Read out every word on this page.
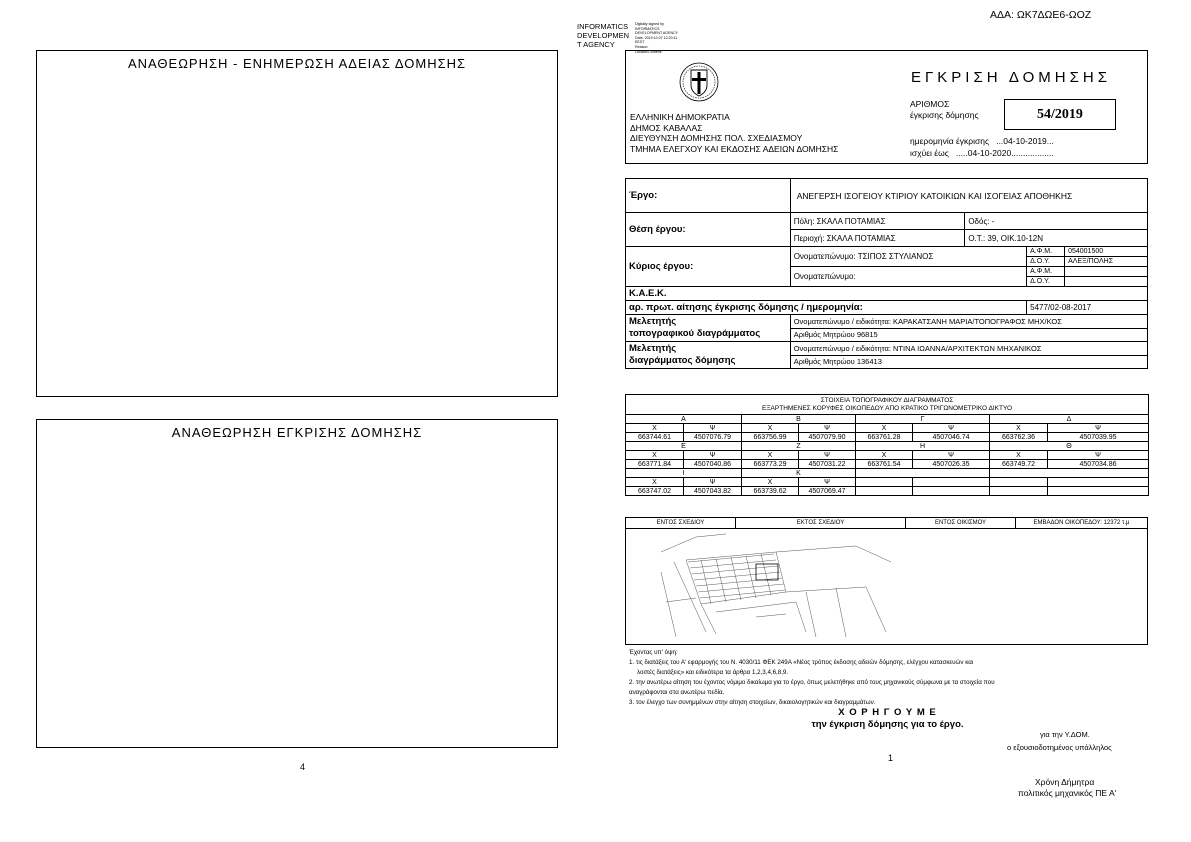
ΑΔΑ: ΩΚ7ΔΩΕ6-ΩΟΖ
INFORMATICS
DEVELOPMEN
T AGENCY
Digitally signed by
INFORMATICS
DEVELOPMENT AGENCY
Date: 2019.10.07 12:20:11
EEST
Reason:
Location: Athens
ΑΝΑΘΕΩΡΗΣΗ - ΕΝΗΜΕΡΩΣΗ ΑΔΕΙΑΣ ΔΟΜΗΣΗΣ
ΑΝΑΘΕΩΡΗΣΗ ΕΓΚΡΙΣΗΣ ΔΟΜΗΣΗΣ
4
ΕΛΛΗΝΙΚΗ ΔΗΜΟΚΡΑΤΙΑ
ΔΗΜΟΣ ΚΑΒΑΛΑΣ
ΔΙΕΥΘΥΝΣΗ ΔΟΜΗΣΗΣ ΠΟΛ. ΣΧΕΔΙΑΣΜΟΥ
ΤΜΗΜΑ ΕΛΕΓΧΟΥ ΚΑΙ ΕΚΔΟΣΗΣ ΑΔΕΙΩΝ ΔΟΜΗΣΗΣ
ΕΓΚΡΙΣΗ ΔΟΜΗΣΗΣ
ΑΡΙΘΜΟΣ
έγκρισης δόμησης	54/2019
ημερομηνία έγκρισης ...04-10-2019...
ισχύει έως .....04-10-2020..................
Έργο:	ΑΝΕΓΕΡΣΗ ΙΣΟΓΕΙΟΥ ΚΤΙΡΙΟΥ ΚΑΤΟΙΚΙΩΝ ΚΑΙ ΙΣΟΓΕΙΑΣ ΑΠΟΘΗΚΗΣ			
Θέση έργου:	Πόλη: ΣΚΑΛΑ ΠΟΤΑΜΙΑΣ	Οδός: -		
	Περιοχή: ΣΚΑΛΑ ΠΟΤΑΜΙΑΣ	Ο.Τ.: 39, ΟΙΚ.10-12Ν		
Κύριος έργου:	Ονοματεπώνυμο: ΤΣΙΠΟΣ ΣΤΥΛΙΑΝΟΣ		Α.Φ.Μ.	054001500
			Δ.Ο.Υ.	ΑΛΕΞ/ΠΟΛΗΣ
	Ονοματεπώνυμο:		Α.Φ.Μ.	
			Δ.Ο.Υ.	
Κ.Α.Ε.Κ.				
αρ. πρωτ. αίτησης έγκρισης δόμησης / ημερομηνία:			5477/02-08-2017	

Μελετητής
τοπογραφικού διαγράμματος	Ονοματεπώνυμο / ειδικότητα: ΚΑΡΑΚΑΤΣΑΝΗ ΜΑΡΙΑ/ΤΟΠΟΓΡΑΦΟΣ ΜΗΧ/ΚΟΣ			
	Αριθμός Μητρώου 96815			

Μελετητής
διαγράμματος δόμησης	Ονοματεπώνυμο / ειδικότητα: ΝΤΙΝΑ ΙΩΑΝΝΑ/ΑΡΧΙΤΕΚΤΩΝ ΜΗΧΑΝΙΚΟΣ			
	Αριθμός Μητρώου 136413			
ΣΤΟΙΧΕΙΑ ΤΟΠΟΓΡΑΦΙΚΟΥ ΔΙΑΓΡΑΜΜΑΤΟΣ
ΕΞΑΡΤΗΜΕΝΕΣ ΚΟΡΥΦΕΣ ΟΙΚΟΠΕΔΟΥ ΑΠΟ ΚΡΑΤΙΚΟ ΤΡΙΓΩΝΟΜΕΤΡΙΚΟ ΔΙΚΤΥΟ							

Α		Β		Γ		Δ	
Χ	Ψ	Χ	Ψ	Χ	Ψ	Χ	Ψ
663744.61	4507076.79	663756.99	4507079.90	663761.28	4507046.74	663762.36	4507039.95
Ε		Ζ		Η		Θ	
Χ	Ψ	Χ	Ψ	Χ	Ψ	Χ	Ψ
663771.84	4507040.86	663773.29	4507031.22	663761.54	4507026.35	663749.72	4507034.86
Ι		Κ					
Χ	Ψ	Χ	Ψ				
663747.02	4507043.82	663739.62	4507069.47				
ΕΝΤΟΣ ΣΧΕΔΙΟΥ	ΕΚΤΟΣ ΣΧΕΔΙΟΥ	ΕΝΤΟΣ ΟΙΚΙΣΜΟΥ	ΕΜΒΑΔΟΝ ΟΙΚΟΠΕΔΟΥ: 12372 τ.μ
Έχοντας υπ' όψη:
1. τις διατάξεις του Α' εφαρμογής του Ν. 4030/11 ΦΕΚ 249Α «Νέος τρόπος έκδοσης αδειών δόμησης, ελέγχου κατασκευών και
λοιπές διατάξεις» και ειδικότερα τα άρθρα 1,2,3,4,6,8,9.
2. την ανωτέρω αίτηση του έχοντος νόμιμο δικαίωμα για το έργο, όπως μελετήθηκε από τους μηχανικούς σύμφωνα με τα στοιχεία που
αναγράφονται στα ανωτέρω πεδία.
3. τον έλεγχο των συνημμένων στην αίτηση στοιχείων, δικαιολογητικών και διαγραμμάτων.
Χ Ο Ρ Η Γ Ο Υ Μ Ε
την έγκριση δόμησης για το έργο.
για την Υ.ΔΟΜ.
ο εξουσιοδοτημένος υπάλληλος
1
Χρόνη Δήμητρα
πολιτικός μηχανικός ΠΕ Α'
